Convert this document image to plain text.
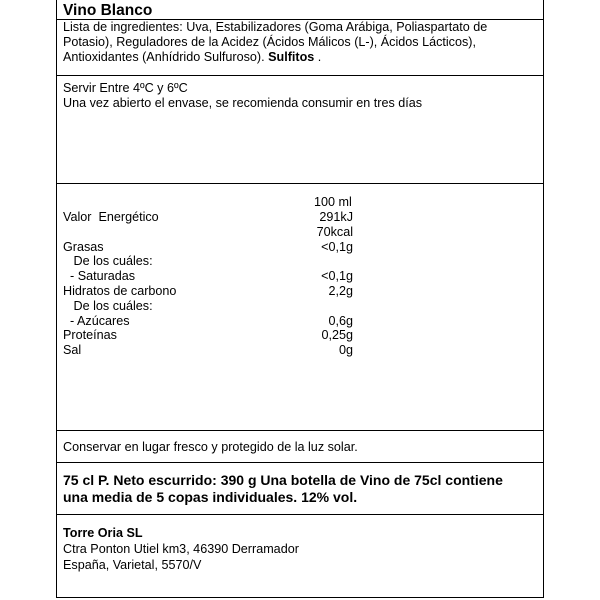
Vino Blanco
Lista de ingredientes: Uva, Estabilizadores (Goma Arábiga, Poliaspartato de Potasio), Reguladores de la Acidez (Ácidos Málicos (L-), Ácidos Lácticos), Antioxidantes (Anhídrido Sulfuroso). Sulfitos .
Servir Entre 4ºC y 6ºC
Una vez abierto el envase, se recomienda consumir en tres días
100 ml
Valor  Energético	291kJ
70kcal
Grasas	<0,1g
De los cuáles:
- Saturadas	<0,1g
Hidratos de carbono	2,2g
De los cuáles:
- Azúcares	0,6g
Proteínas	0,25g
Sal	0g
Conservar en lugar fresco y protegido de la luz solar.
75 cl P. Neto escurrido: 390 g Una botella de Vino de 75cl contiene
una media de 5 copas individuales. 12% vol.
Torre Oria SL
Ctra Ponton Utiel km3, 46390 Derramador
España, Varietal, 5570/V
